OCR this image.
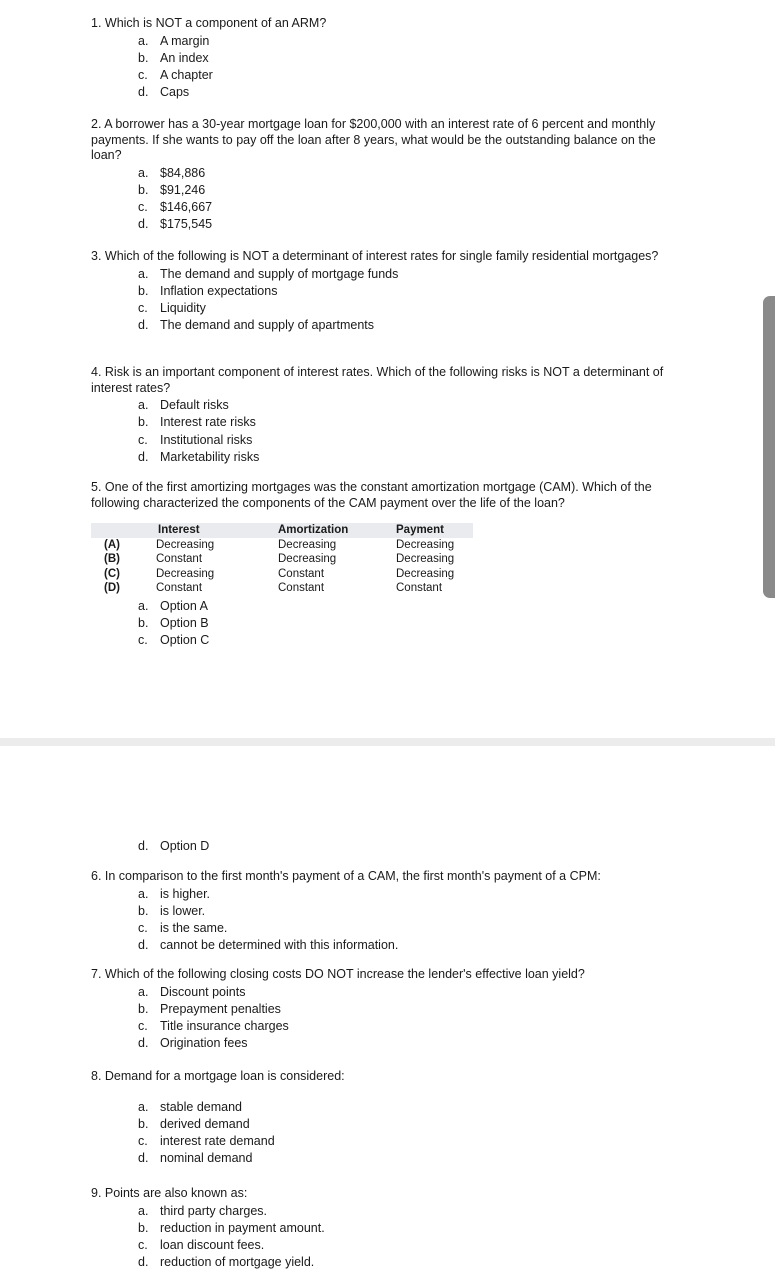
1. Which is NOT a component of an ARM?

a. A margin
b. An index
c. A chapter
d. Caps

2. A borrower has a 30-year mortgage loan for $200,000 with an interest rate of 6 percent and monthly payments. If she wants to pay off the loan after 8 years, what would be the outstanding balance on the loan?

a. $84,886
b. $91,246
c. $146,667
d. $175,545

3. Which of the following is NOT a determinant of interest rates for single family residential mortgages?

a. The demand and supply of mortgage funds
b. Inflation expectations
c. Liquidity
d. The demand and supply of apartments

4. Risk is an important component of interest rates. Which of the following risks is NOT a determinant of interest rates?

a. Default risks
b. Interest rate risks
c. Institutional risks
d. Marketability risks

5. One of the first amortizing mortgages was the constant amortization mortgage (CAM). Which of the following characterized the components of the CAM payment over the life of the loan?

	Interest	Amortization	Payment
(A)	Decreasing	Decreasing	Decreasing
(B)	Constant	Decreasing	Decreasing
(C)	Decreasing	Constant	Decreasing
(D)	Constant	Constant	Constant
a. Option A
b. Option B
c. Option C
d. Option D

6. In comparison to the first month's payment of a CAM, the first month's payment of a CPM:

a. is higher.
b. is lower.
c. is the same.
d. cannot be determined with this information.

7. Which of the following closing costs DO NOT increase the lender's effective loan yield?

a. Discount points
b. Prepayment penalties
c. Title insurance charges
d. Origination fees

8. Demand for a mortgage loan is considered:

a. stable demand
b. derived demand
c. interest rate demand
d. nominal demand

9. Points are also known as:

a. third party charges.
b. reduction in payment amount.
c. loan discount fees.
d. reduction of mortgage yield.
